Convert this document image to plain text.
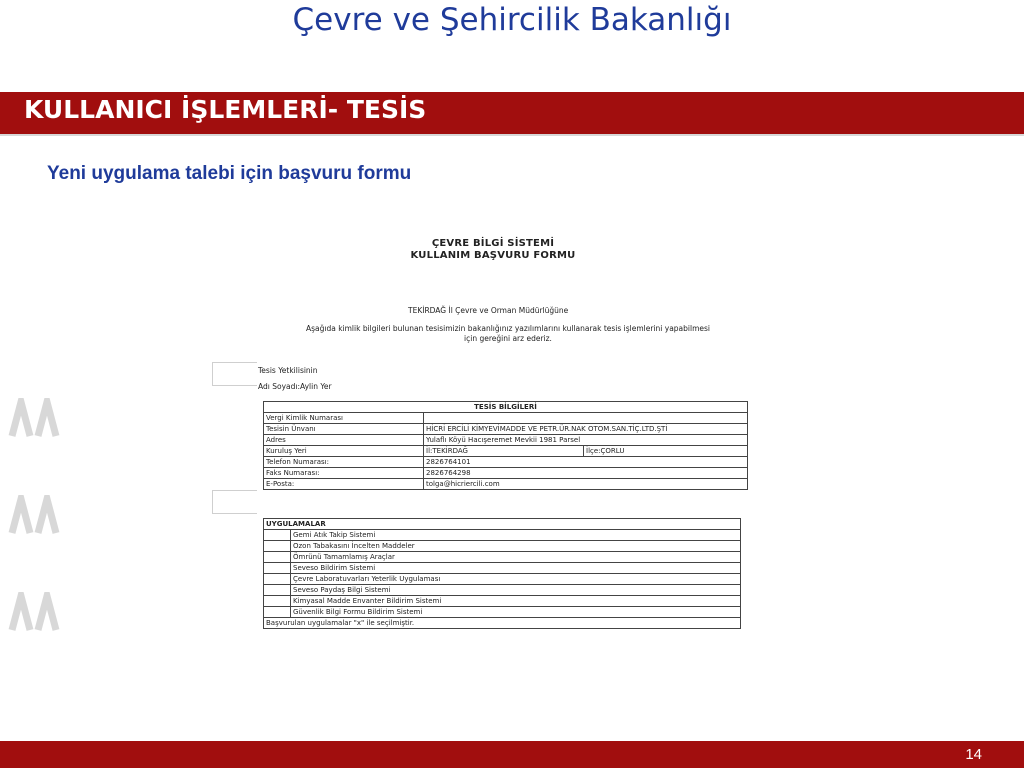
Çevre ve Şehircilik Bakanlığı
KULLANICI İŞLEMLERİ- TESİS
Yeni uygulama talebi için başvuru formu
ÇEVRE BİLGİ SİSTEMİ
KULLANIM BAŞVURU FORMU
TEKİRDAĞ İl Çevre ve Orman Müdürlüğüne
Aşağıda kimlik bilgileri bulunan tesisimizin bakanlığınız yazılımlarını kullanarak tesis işlemlerini yapabilmesi
için gereğini arz ederiz.
Tesis Yetkilisinin
Adı Soyadı:Aylin Yer
TESİS BİLGİLERİ		
Vergi Kimlik Numarası		
Tesisin Ünvanı	HİCRİ ERCİLİ KİMYEVİMADDE VE PETR.ÜR.NAK OTOM.SAN.TİÇ.LTD.ŞTİ	
Adres	Yulaflı Köyü Hacışeremet Mevkii 1981 Parsel	
Kuruluş Yeri	İl:TEKİRDAĞ	İlçe:ÇORLU
Telefon Numarası:	2826764101	
Faks Numarası:	2826764298	
E-Posta:	tolga@hicriercili.com	
UYGULAMALAR	
	Gemi Atık Takip Sistemi
	Ozon Tabakasını İncelten Maddeler
	Ömrünü Tamamlamış Araçlar
	Seveso Bildirim Sistemi
	Çevre Laboratuvarları Yeterlik Uygulaması
	Seveso Paydaş Bilgi Sistemi
	Kimyasal Madde Envanter Bildirim Sistemi
	Güvenlik Bilgi Formu Bildirim Sistemi
Başvurulan uygulamalar "x" ile seçilmiştir.	
14
